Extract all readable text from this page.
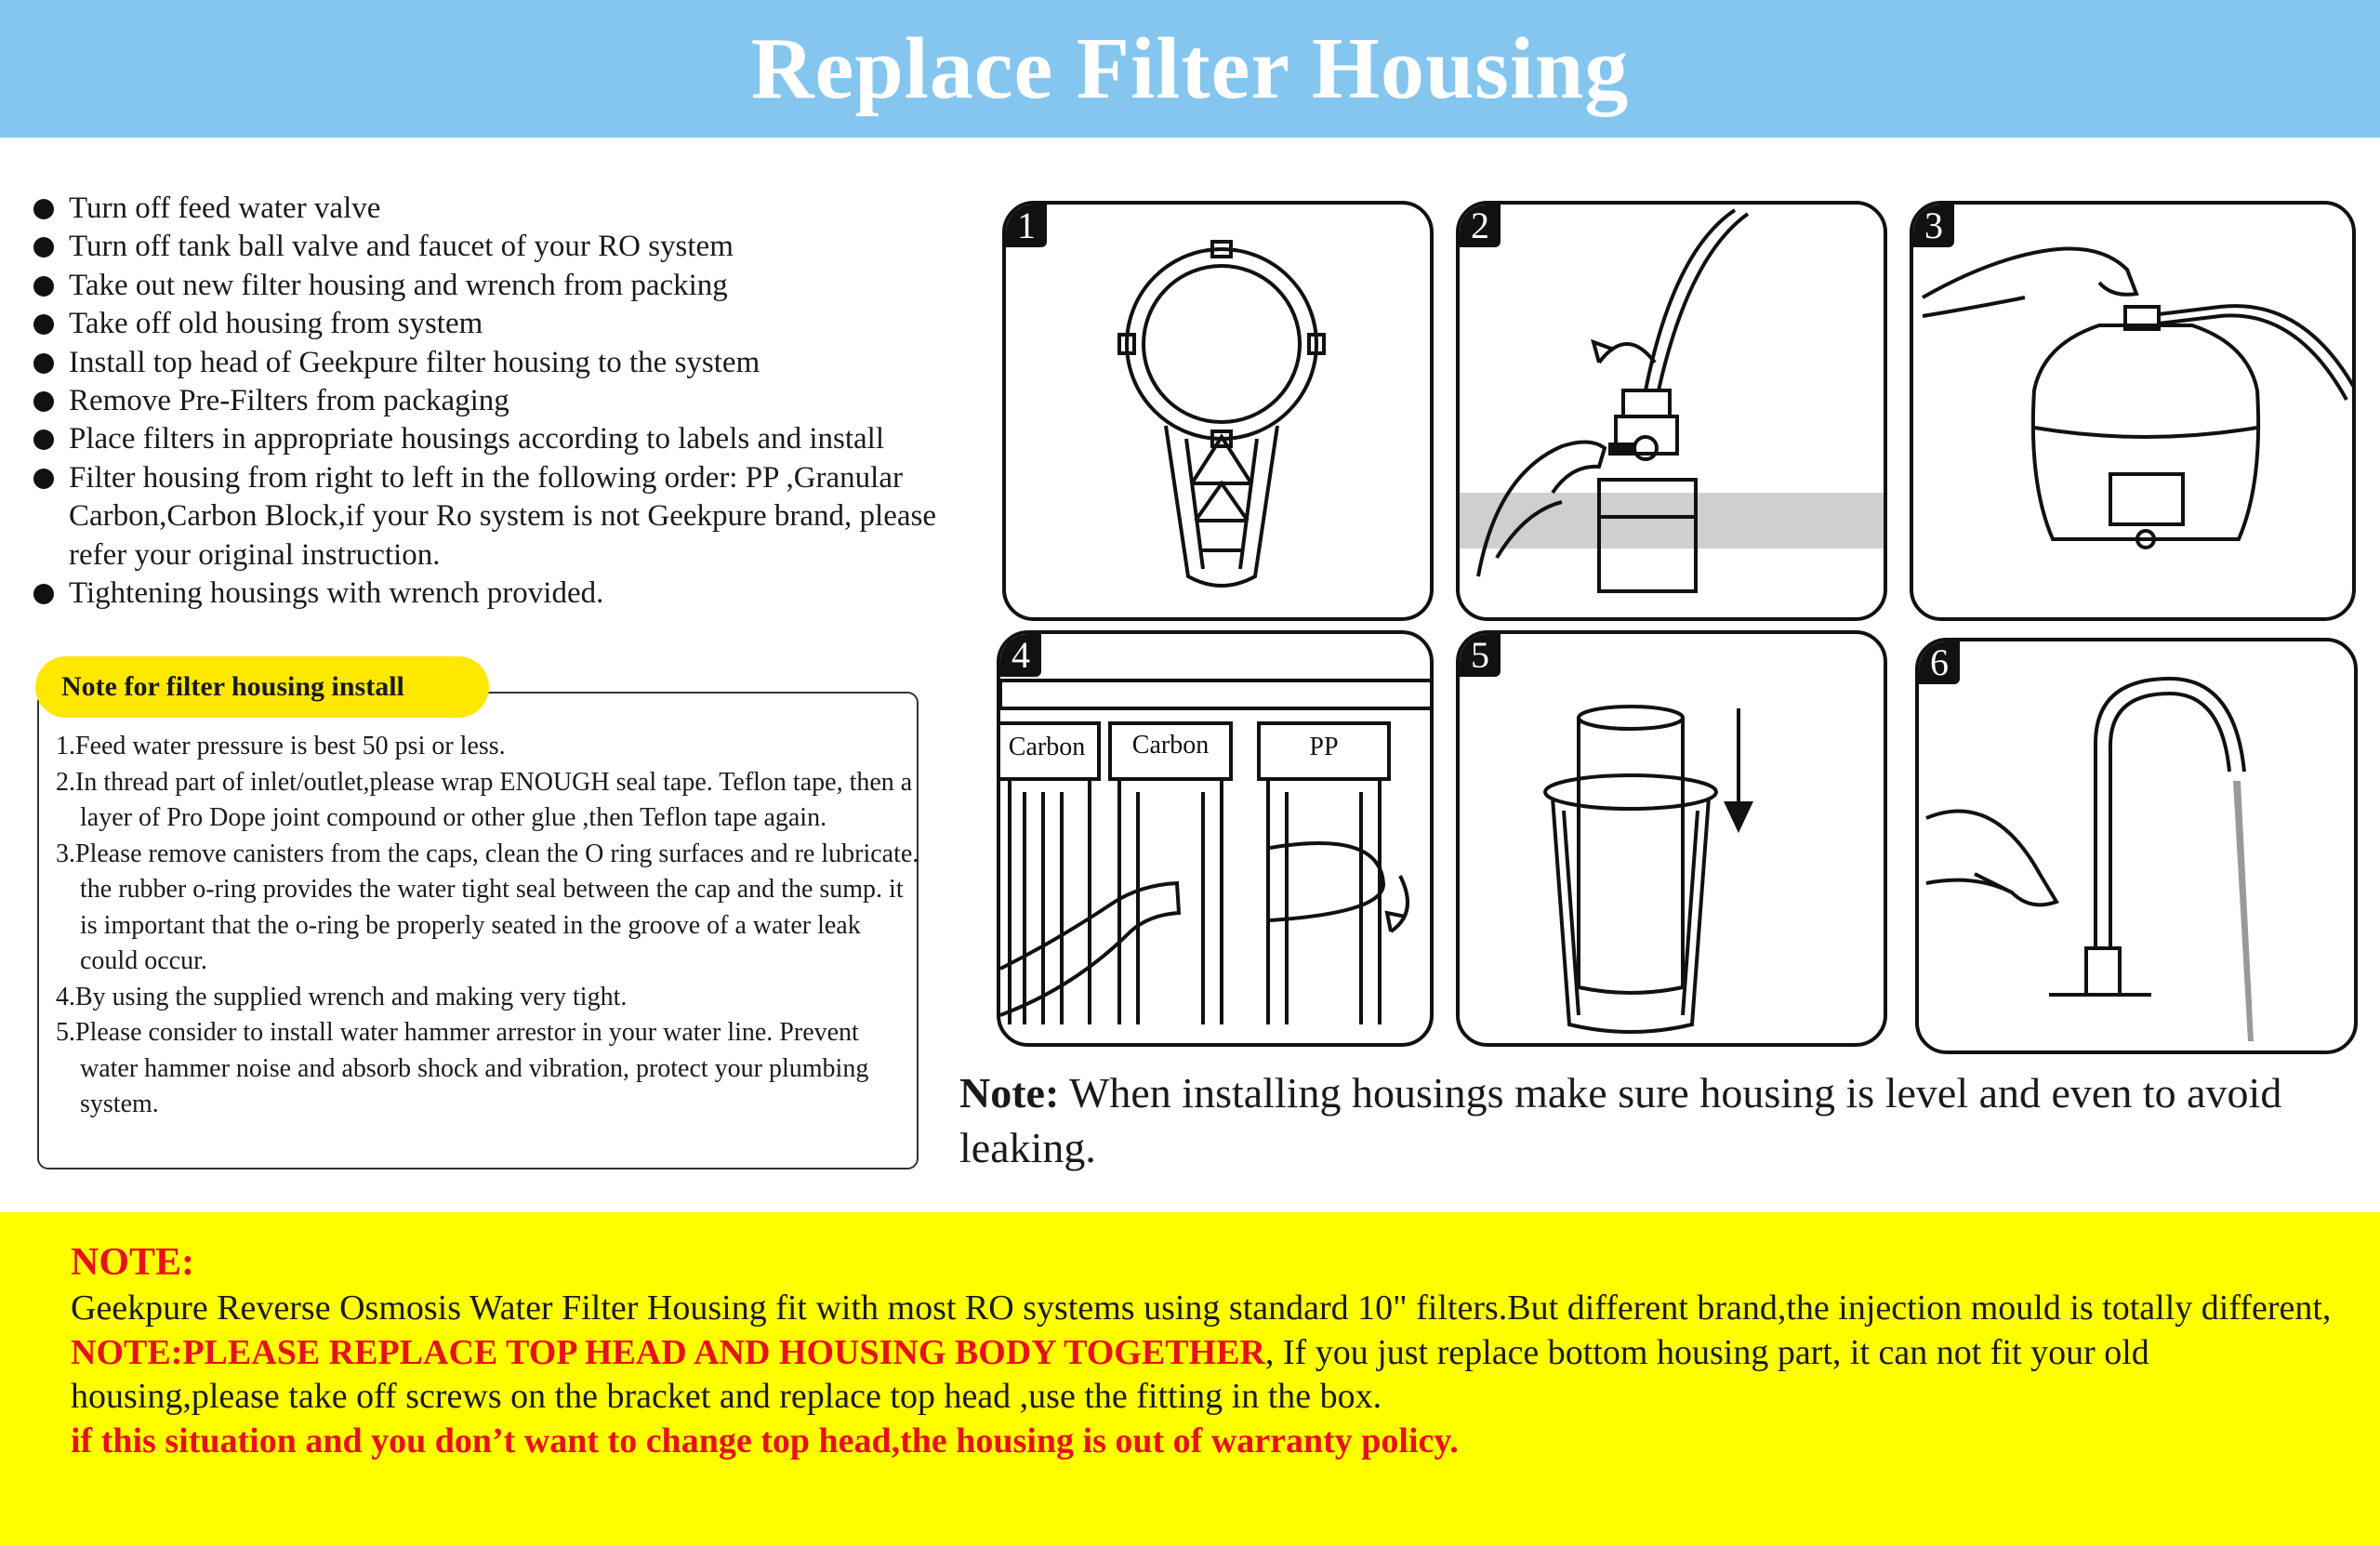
Replace Filter Housing
Turn off feed water valve
Turn off tank ball valve and faucet of your RO system
Take out new filter housing and wrench from packing
Take off old housing from system
Install top head of Geekpure filter housing to the system
Remove Pre-Filters from packaging
Place filters in appropriate housings according to labels and install
Filter housing from right to left in the following order: PP ,Granular Carbon,Carbon Block,if your Ro system is not Geekpure brand, please refer your original instruction.
Tightening housings with wrench provided.
Note for filter housing install
1.Feed water pressure is best 50 psi or less.
2.In thread part of inlet/outlet,please wrap ENOUGH seal tape. Teflon tape, then a layer of Pro Dope joint compound or other glue ,then Teflon tape again.
3.Please remove canisters from the caps, clean the O ring surfaces and re lubricate. the rubber o-ring provides the water tight seal between the cap and the sump. it is important that the o-ring be properly seated in the groove of a water leak could occur.
4.By using the supplied wrench and making very tight.
5.Please consider to install water hammer arrestor in your water line. Prevent water hammer noise and absorb shock and vibration, protect your plumbing system.
1	2	3
4
Carbon Carbon	PP
5	6
Note: When installing housings make sure housing is level and even to avoid leaking.
NOTE:
Geekpure Reverse Osmosis Water Filter Housing fit with most RO systems using standard 10" filters.But different brand,the injection mould is totally different, NOTE:PLEASE REPLACE TOP HEAD AND HOUSING BODY TOGETHER, If you just replace bottom housing part, it can not fit your old housing,please take off screws on the bracket and replace top head ,use the fitting in the box.
if this situation and you don’t want to change top head,the housing is out of warranty policy.
